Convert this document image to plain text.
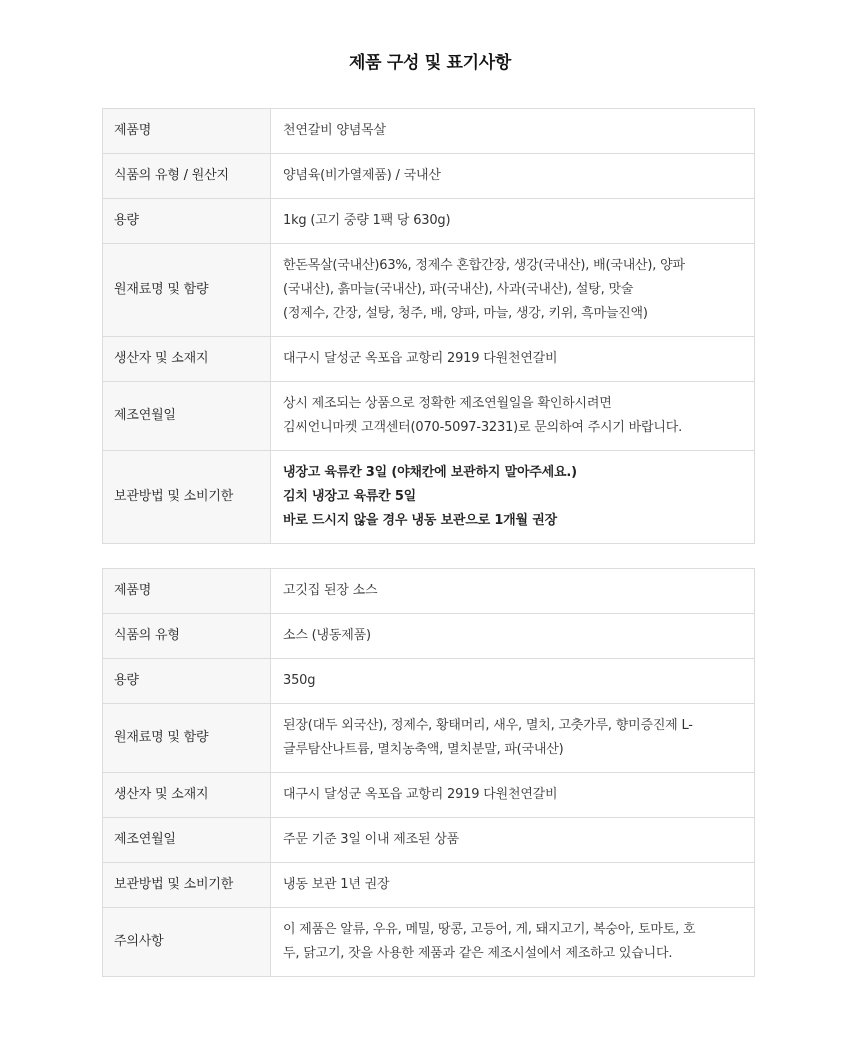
제품 구성 및 표기사항
제품명	천연갈비 양념목살

식품의 유형 / 원산지	양념육(비가열제품) / 국내산

용량	1kg (고기 중량 1팩 당 630g)

원재료명 및 함량	한돈목살(국내산)63%, 정제수 혼합간장, 생강(국내산), 배(국내산), 양파
(국내산), 흙마늘(국내산), 파(국내산), 사과(국내산), 설탕, 맛술
(정제수, 간장, 설탕, 청주, 배, 양파, 마늘, 생강, 키위, 흑마늘진액)

생산자 및 소재지	대구시 달성군 옥포읍 교항리 2919 다원천연갈비

제조연월일	상시 제조되는 상품으로 정확한 제조연월일을 확인하시려면
김씨언니마켓 고객센터(070-5097-3231)로 문의하여 주시기 바랍니다.

보관방법 및 소비기한	냉장고 육류칸 3일 (야채칸에 보관하지 말아주세요.)
김치 냉장고 육류칸 5일
바로 드시지 않을 경우 냉동 보관으로 1개월 권장
제품명	고깃집 된장 소스

식품의 유형	소스 (냉동제품)

용량	350g

원재료명 및 함량	된장(대두 외국산), 정제수, 황태머리, 새우, 멸치, 고춧가루, 향미증진제 L-
글루탐산나트륨, 멸치농축액, 멸치분말, 파(국내산)

생산자 및 소재지	대구시 달성군 옥포읍 교항리 2919 다원천연갈비

제조연월일	주문 기준 3일 이내 제조된 상품

보관방법 및 소비기한	냉동 보관 1년 권장

주의사항	이 제품은 알류, 우유, 메밀, 땅콩, 고등어, 게, 돼지고기, 복숭아, 토마토, 호
두, 닭고기, 잣을 사용한 제품과 같은 제조시설에서 제조하고 있습니다.
